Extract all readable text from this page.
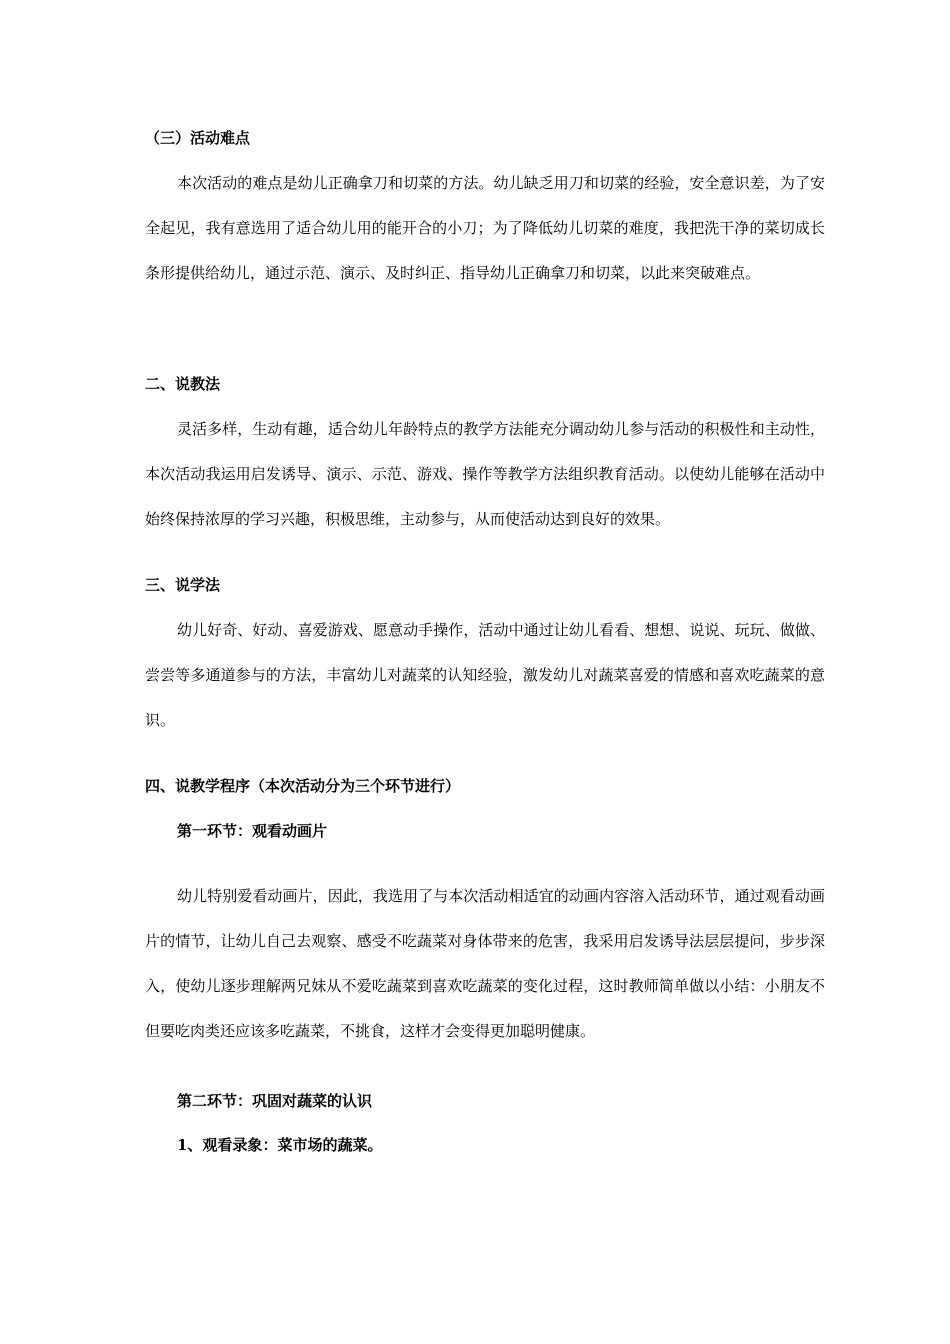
（三）活动难点

本次活动的难点是幼儿正确拿刀和切菜的方法。幼儿缺乏用刀和切菜的经验，安全意识差，为了安全起见，我有意选用了适合幼儿用的能开合的小刀；为了降低幼儿切菜的难度，我把洗干净的菜切成长条形提供给幼儿，通过示范、演示、及时纠正、指导幼儿正确拿刀和切菜，以此来突破难点。

二、说教法

灵活多样，生动有趣，适合幼儿年龄特点的教学方法能充分调动幼儿参与活动的积极性和主动性，本次活动我运用启发诱导、演示、示范、游戏、操作等教学方法组织教育活动。以使幼儿能够在活动中始终保持浓厚的学习兴趣，积极思维，主动参与，从而使活动达到良好的效果。

三、说学法

幼儿好奇、好动、喜爱游戏、愿意动手操作，活动中通过让幼儿看看、想想、说说、玩玩、做做、尝尝等多通道参与的方法，丰富幼儿对蔬菜的认知经验，激发幼儿对蔬菜喜爱的情感和喜欢吃蔬菜的意识。

四、说教学程序（本次活动分为三个环节进行）
第一环节：观看动画片

幼儿特别爱看动画片，因此，我选用了与本次活动相适宜的动画内容溶入活动环节，通过观看动画片的情节，让幼儿自己去观察、感受不吃蔬菜对身体带来的危害，我采用启发诱导法层层提问，步步深入，使幼儿逐步理解两兄妹从不爱吃蔬菜到喜欢吃蔬菜的变化过程，这时教师简单做以小结：小朋友不但要吃肉类还应该多吃蔬菜，不挑食，这样才会变得更加聪明健康。

第二环节：巩固对蔬菜的认识
1、观看录象：菜市场的蔬菜。
